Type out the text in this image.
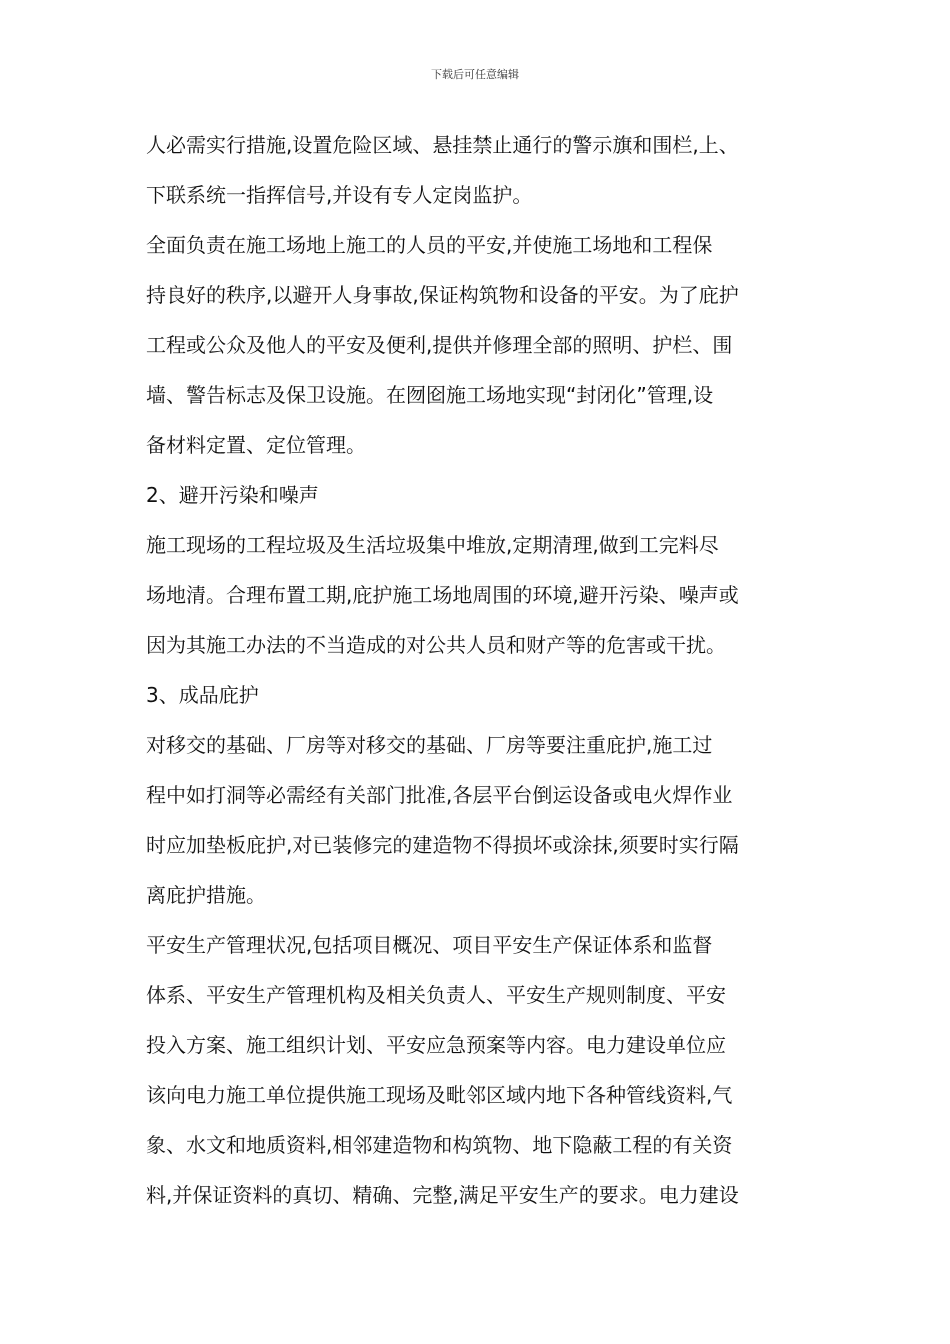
下载后可任意编辑
人必需实行措施,设置危险区域、悬挂禁止通行的警示旗和围栏,上、
下联系统一指挥信号,并设有专人定岗监护。
全面负责在施工场地上施工的人员的平安,并使施工场地和工程保
持良好的秩序,以避开人身事故,保证构筑物和设备的平安。为了庇护
工程或公众及他人的平安及便利,提供并修理全部的照明、护栏、围
墙、警告标志及保卫设施。在囫囵施工场地实现“封闭化”管理,设
备材料定置、定位管理。
2、避开污染和噪声
施工现场的工程垃圾及生活垃圾集中堆放,定期清理,做到工完料尽
场地清。合理布置工期,庇护施工场地周围的环境,避开污染、噪声或
因为其施工办法的不当造成的对公共人员和财产等的危害或干扰。
3、成品庇护
对移交的基础、厂房等对移交的基础、厂房等要注重庇护,施工过
程中如打洞等必需经有关部门批准,各层平台倒运设备或电火焊作业
时应加垫板庇护,对已装修完的建造物不得损坏或涂抹,须要时实行隔
离庇护措施。
平安生产管理状况,包括项目概况、项目平安生产保证体系和监督
体系、平安生产管理机构及相关负责人、平安生产规则制度、平安
投入方案、施工组织计划、平安应急预案等内容。电力建设单位应
该向电力施工单位提供施工现场及毗邻区域内地下各种管线资料,气
象、水文和地质资料,相邻建造物和构筑物、地下隐蔽工程的有关资
料,并保证资料的真切、精确、完整,满足平安生产的要求。电力建设
